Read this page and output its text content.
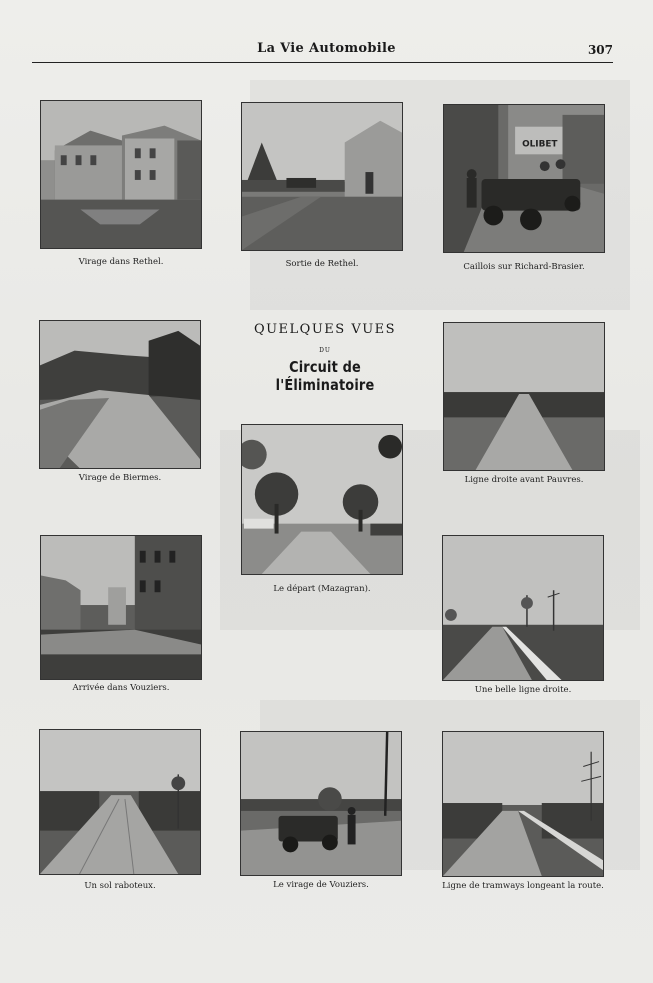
La Vie Automobile	307
Virage dans Rethel.	Sortie de Rethel.
OLIBET
Caillois sur Richard-Brasier.
QUELQUES VUES
DU
Circuit de l'Éliminatoire
Virage de Biermes.	Ligne droite avant Pauvres.
Le départ (Mazagran).
Arrivée dans Vouziers.	Une belle ligne droite.
Un sol raboteux.	Le virage de Vouziers.	Ligne de tramways longeant la route.
